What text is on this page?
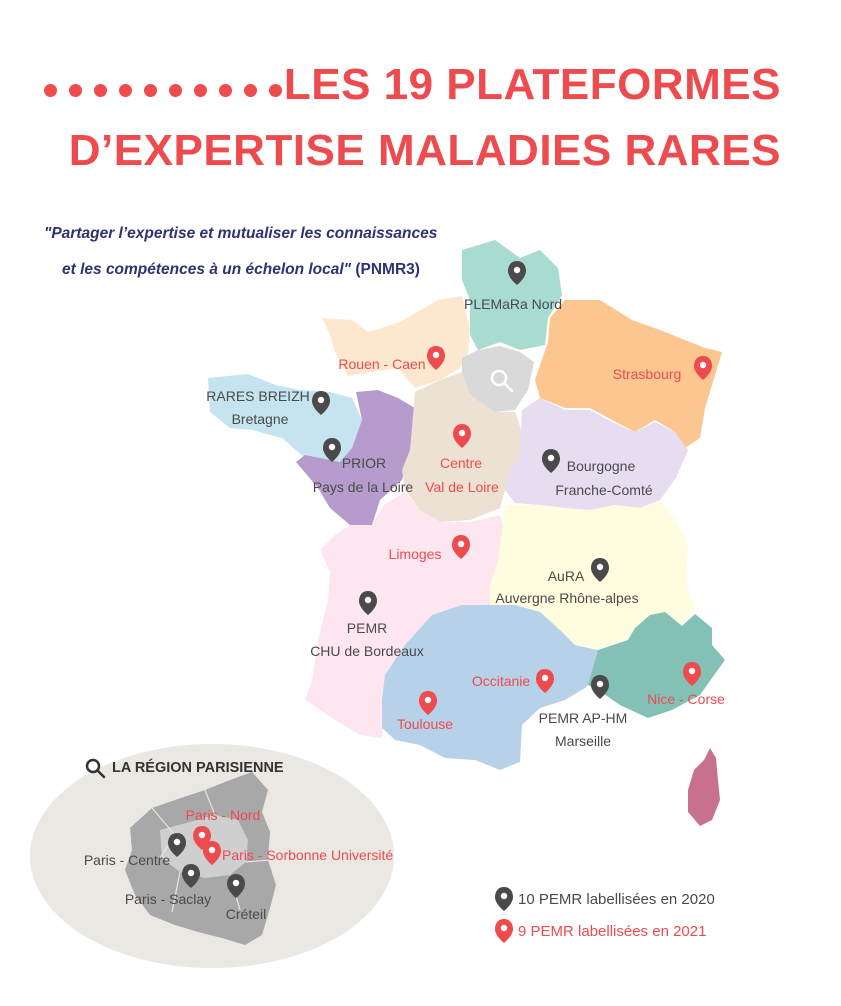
LES 19 PLATEFORMES
D’EXPERTISE MALADIES RARES
"Partager l’expertise et mutualiser les connaissances
et les compétences à un échelon local" (PNMR3)
PLEMaRa Nord
Rouen - Caen
Strasbourg
RARES BREIZH
Bretagne
Centre
Val de Loire
PRIOR
Pays de la Loire
Bourgogne
Franche-Comté
Limoges
AuRA
Auvergne Rhône-alpes
PEMR
CHU de Bordeaux
Occitanie
PEMR AP-HM
Marseille
Nice - Corse
Toulouse
LA RÉGION PARISIENNE
Paris - Nord
Paris - Sorbonne Université
Paris - Centre
Paris - Saclay
Créteil
10 PEMR labellisées en 2020
9 PEMR labellisées en 2021
